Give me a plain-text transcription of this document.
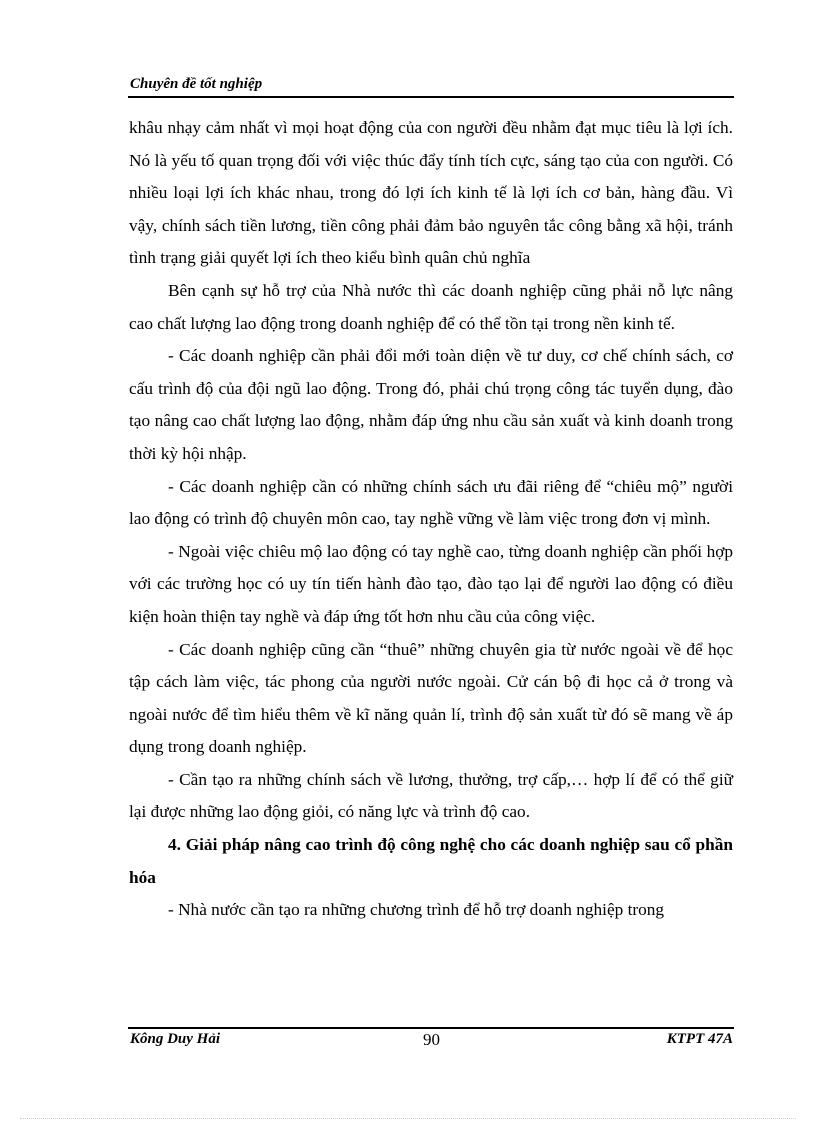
Chuyên đề tốt nghiệp

khâu nhạy cảm nhất vì mọi hoạt động của con người đều nhằm đạt mục tiêu là lợi ích. Nó là yếu tố quan trọng đối với việc thúc đẩy tính tích cực, sáng tạo của con người. Có nhiều loại lợi ích khác nhau, trong đó lợi ích kinh tế là lợi ích cơ bản, hàng đầu. Vì vậy, chính sách tiền lương, tiền công phải đảm bảo nguyên tắc công bằng xã hội, tránh tình trạng giải quyết lợi ích theo kiểu bình quân chủ nghĩa

Bên cạnh sự hỗ trợ của Nhà nước thì các doanh nghiệp cũng phải nỗ lực nâng cao chất lượng lao động trong doanh nghiệp để có thể tồn tại trong nền kinh tế.

- Các doanh nghiệp cần phải đổi mới toàn diện về tư duy, cơ chế chính sách, cơ cấu trình độ của đội ngũ lao động. Trong đó, phải chú trọng công tác tuyển dụng, đào tạo nâng cao chất lượng lao động, nhằm đáp ứng nhu cầu sản xuất và kinh doanh trong thời kỳ hội nhập.

- Các doanh nghiệp cần có những chính sách ưu đãi riêng để “chiêu mộ” người lao động có trình độ chuyên môn cao, tay nghề vững về làm việc trong đơn vị mình.

- Ngoài việc chiêu mộ lao động có tay nghề cao, từng doanh nghiệp cần phối hợp với các trường học có uy tín tiến hành đào tạo, đào tạo lại để người lao động có điều kiện hoàn thiện tay nghề và đáp ứng tốt hơn nhu cầu của công việc.

- Các doanh nghiệp cũng cần “thuê” những chuyên gia từ nước ngoài về để học tập cách làm việc, tác phong của người nước ngoài. Cử cán bộ đi học cả ở trong và ngoài nước để tìm hiểu thêm về kĩ năng quản lí, trình độ sản xuất từ đó sẽ mang về áp dụng trong doanh nghiệp.

- Cần tạo ra những chính sách về lương, thưởng, trợ cấp,… hợp lí để có thể giữ lại được những lao động giỏi, có năng lực và trình độ cao.

4. Giải pháp nâng cao trình độ công nghệ cho các doanh nghiệp sau cổ phần hóa

- Nhà nước cần tạo ra những chương trình để hỗ trợ doanh nghiệp trong

Kông Duy Hải	90	KTPT 47A
